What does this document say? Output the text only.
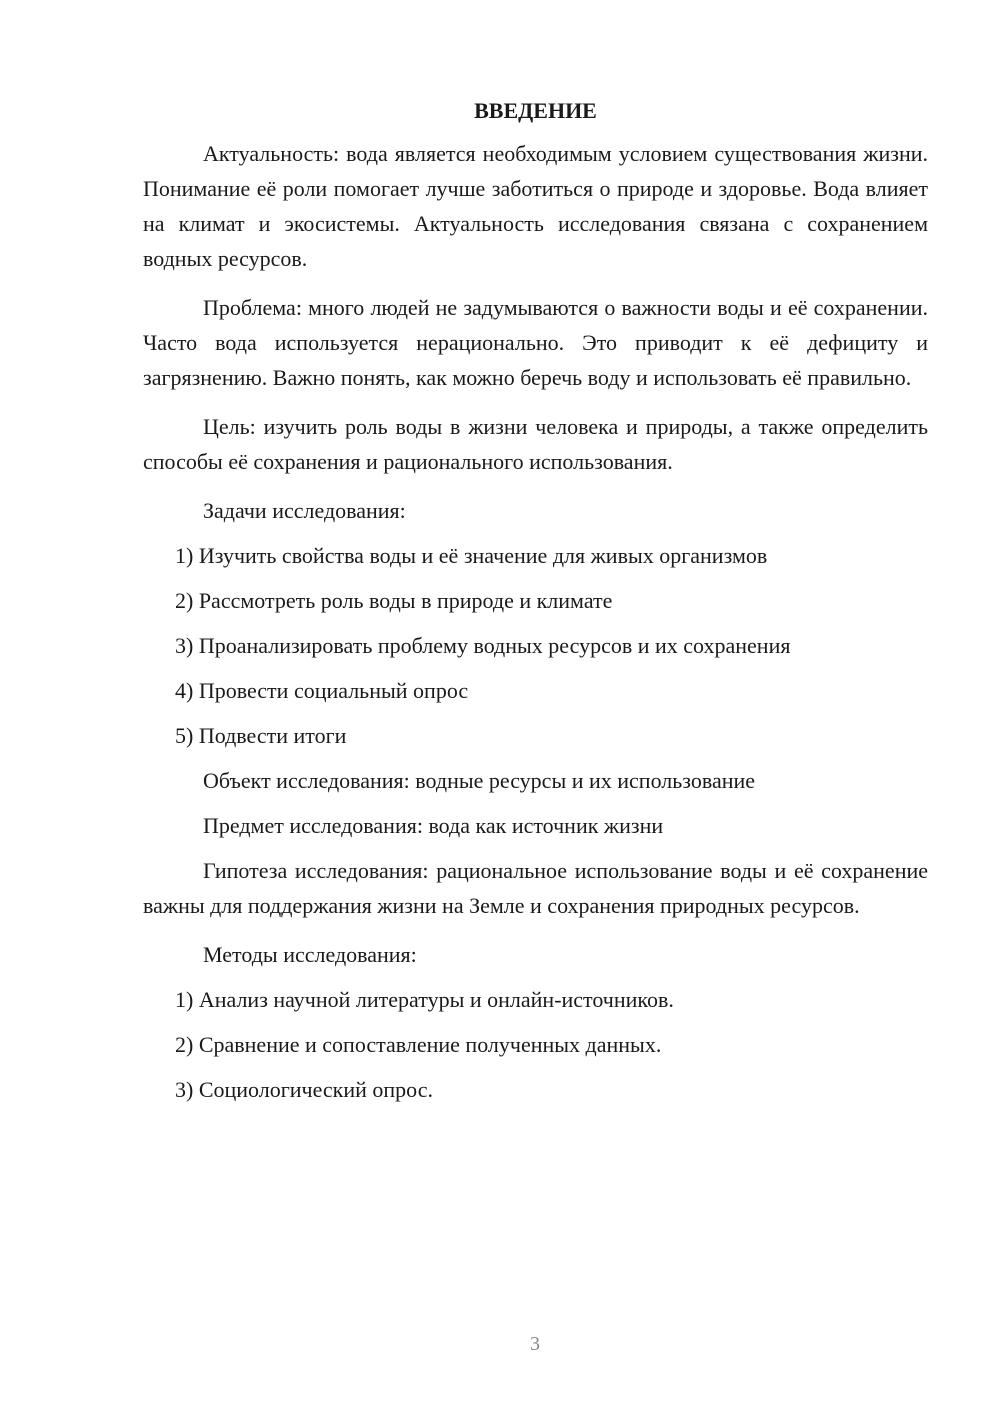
ВВЕДЕНИЕ

Актуальность: вода является необходимым условием существования жизни. Понимание её роли помогает лучше заботиться о природе и здоровье. Вода влияет на климат и экосистемы. Актуальность исследования связана с сохранением водных ресурсов.

Проблема: много людей не задумываются о важности воды и её сохранении. Часто вода используется нерационально. Это приводит к её дефициту и загрязнению. Важно понять, как можно беречь воду и использовать её правильно.

Цель: изучить роль воды в жизни человека и природы, а также определить способы её сохранения и рационального использования.

Задачи исследования:

1) Изучить свойства воды и её значение для живых организмов
2) Рассмотреть роль воды в природе и климате
3) Проанализировать проблему водных ресурсов и их сохранения
4) Провести социальный опрос
5) Подвести итоги

Объект исследования: водные ресурсы и их использование

Предмет исследования: вода как источник жизни

Гипотеза исследования: рациональное использование воды и её сохранение важны для поддержания жизни на Земле и сохранения природных ресурсов.

Методы исследования:

1) Анализ научной литературы и онлайн-источников.
2) Сравнение и сопоставление полученных данных.
3) Социологический опрос.
3
